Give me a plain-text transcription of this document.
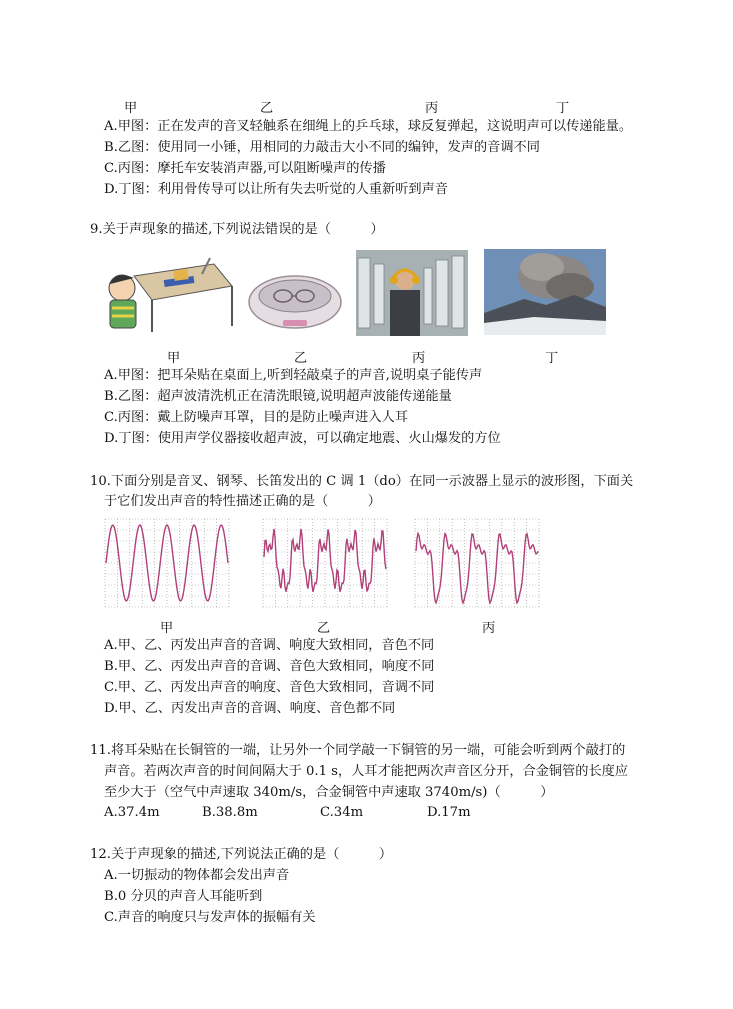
甲	乙	丙	丁
A.甲图：正在发声的音叉轻触系在细绳上的乒乓球，球反复弹起，这说明声可以传递能量。
B.乙图：使用同一小锤，用相同的力敲击大小不同的编钟，发声的音调不同
C.丙图：摩托车安装消声器,可以阻断噪声的传播
D.丁图：利用骨传导可以让所有失去听觉的人重新听到声音
9.关于声现象的描述,下列说法错误的是（　　　）
甲	乙	丙	丁
A.甲图：把耳朵贴在桌面上,听到轻敲桌子的声音,说明桌子能传声
B.乙图：超声波清洗机正在清洗眼镜,说明超声波能传递能量
C.丙图：戴上防噪声耳罩，目的是防止噪声进入人耳
D.丁图：使用声学仪器接收超声波，可以确定地震、火山爆发的方位
10.下面分别是音叉、钢琴、长笛发出的 C 调 1（do）在同一示波器上显示的波形图，下面关
于它们发出声音的特性描述正确的是（　　　）
甲	乙	丙
A.甲、乙、丙发出声音的音调、响度大致相同，音色不同
B.甲、乙、丙发出声音的音调、音色大致相同，响度不同
C.甲、乙、丙发出声音的响度、音色大致相同，音调不同
D.甲、乙、丙发出声音的音调、响度、音色都不同
11.将耳朵贴在长铜管的一端，让另外一个同学敲一下铜管的另一端，可能会听到两个敲打的
声音。若两次声音的时间间隔大于 0.1 s，人耳才能把两次声音区分开，合金铜管的长度应
至少大于（空气中声速取 340m/s，合金铜管中声速取 3740m/s)（　　　）
A.37.4m	B.38.8m	C.34m	D.17m
12.关于声现象的描述,下列说法正确的是（　　　）
A.一切振动的物体都会发出声音
B.0 分贝的声音人耳能听到
C.声音的响度只与发声体的振幅有关
